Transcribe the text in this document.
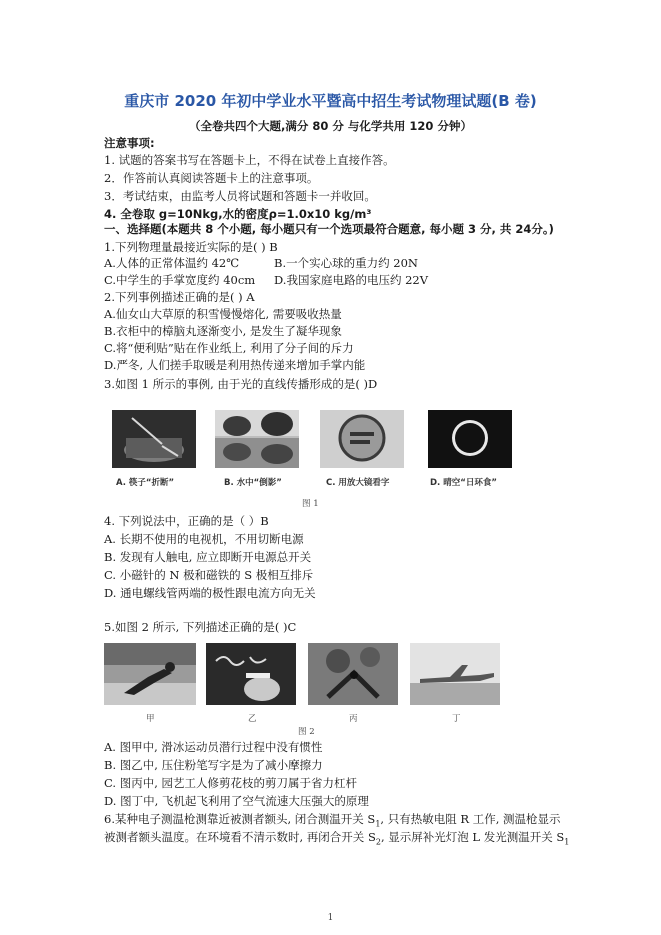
重庆市 2020 年初中学业水平暨高中招生考试物理试题(B 卷)
（全卷共四个大题,满分 80 分 与化学共用 120 分钟）
注意事项:
1. 试题的答案书写在答题卡上，不得在试卷上直接作答。
2．作答前认真阅读答题卡上的注意事项。
3．考试结束，由监考人员将试题和答题卡一并收回。
4. 全卷取 g=10Nkg,水的密度ρ=1.0x10 kg/m³
一、选择题(本题共 8 个小题, 每小题只有一个选项最符合题意, 每小题 3 分, 共 24分。)
1.下列物理量最接近实际的是( ) B
A.人体的正常体温约 42℃	B.一个实心球的重力约 20N
C.中学生的手掌宽度约 40cm D.我国家庭电路的电压约 22V
2.下列事例描述正确的是( ) A
A.仙女山大草原的积雪慢慢熔化, 需要吸收热量
B.衣柜中的樟脑丸逐渐变小, 是发生了凝华现象
C.将“便利贴”贴在作业纸上, 利用了分子间的斥力
D.严冬, 人们搓手取暖是利用热传递来增加手掌内能
3.如图 1 所示的事例, 由于光的直线传播形成的是( )D
A. 筷子“折断”	B. 水中“倒影”	C. 用放大镜看字	D. 晴空“日环食”
图 1
4. 下列说法中，正确的是（ ）B
A. 长期不使用的电视机，不用切断电源
B. 发现有人触电, 应立即断开电源总开关
C. 小磁针的 N 极和磁铁的 S 极相互排斥
D. 通电螺线管两端的极性跟电流方向无关
5.如图 2 所示, 下列描述正确的是( )C
甲	乙	丙	丁
图 2
A. 图甲中, 滑冰运动员潜行过程中没有惯性
B. 图乙中, 压住粉笔写字是为了减小摩擦力
C. 图丙中, 园艺工人修剪花枝的剪刀属于省力杠杆
D. 图丁中, 飞机起飞利用了空气流速大压强大的原理
6.某种电子测温枪测靠近被测者额头, 闭合测温开关 $S_1$, 只有热敏电阻 R 工作, 测温枪显示
被测者额头温度。在环境看不清示数时, 再闭合开关 $S_2$, 显示屏补光灯泡 L 发光测温开关 $S_1$
1
